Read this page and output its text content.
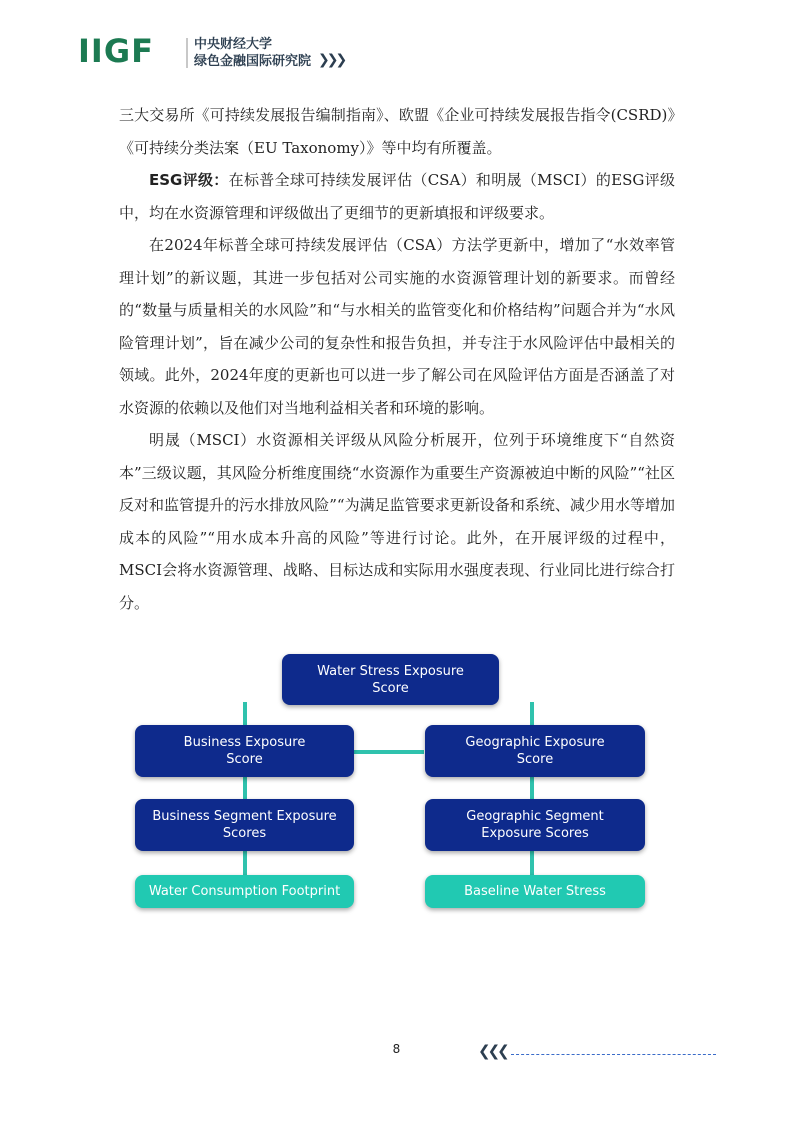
IIGF	中央财经大学
绿色金融国际研究院 ❯❯❯

三大交易所《可持续发展报告编制指南》、欧盟《企业可持续发展报告指令(CSRD)》《可持续分类法案（EU Taxonomy）》等中均有所覆盖。

ESG评级：在标普全球可持续发展评估（CSA）和明晟（MSCI）的ESG评级中，均在水资源管理和评级做出了更细节的更新填报和评级要求。

在2024年标普全球可持续发展评估（CSA）方法学更新中，增加了“水效率管理计划”的新议题，其进一步包括对公司实施的水资源管理计划的新要求。而曾经的“数量与质量相关的水风险”和“与水相关的监管变化和价格结构”问题合并为“水风险管理计划”，旨在减少公司的复杂性和报告负担，并专注于水风险评估中最相关的领域。此外，2024年度的更新也可以进一步了解公司在风险评估方面是否涵盖了对水资源的依赖以及他们对当地利益相关者和环境的影响。

明晟（MSCI）水资源相关评级从风险分析展开，位列于环境维度下“自然资本”三级议题，其风险分析维度围绕“水资源作为重要生产资源被迫中断的风险”“社区反对和监管提升的污水排放风险”“为满足监管要求更新设备和系统、减少用水等增加成本的风险”“用水成本升高的风险”等进行讨论。此外，在开展评级的过程中，MSCI会将水资源管理、战略、目标达成和实际用水强度表现、行业同比进行综合打分。

Water Stress Exposure
Score
Business Exposure
Score
Geographic Exposure
Score
Business Segment Exposure
Scores
Geographic Segment
Exposure Scores
Water Consumption Footprint	Baseline Water Stress
8	❮❮❮
